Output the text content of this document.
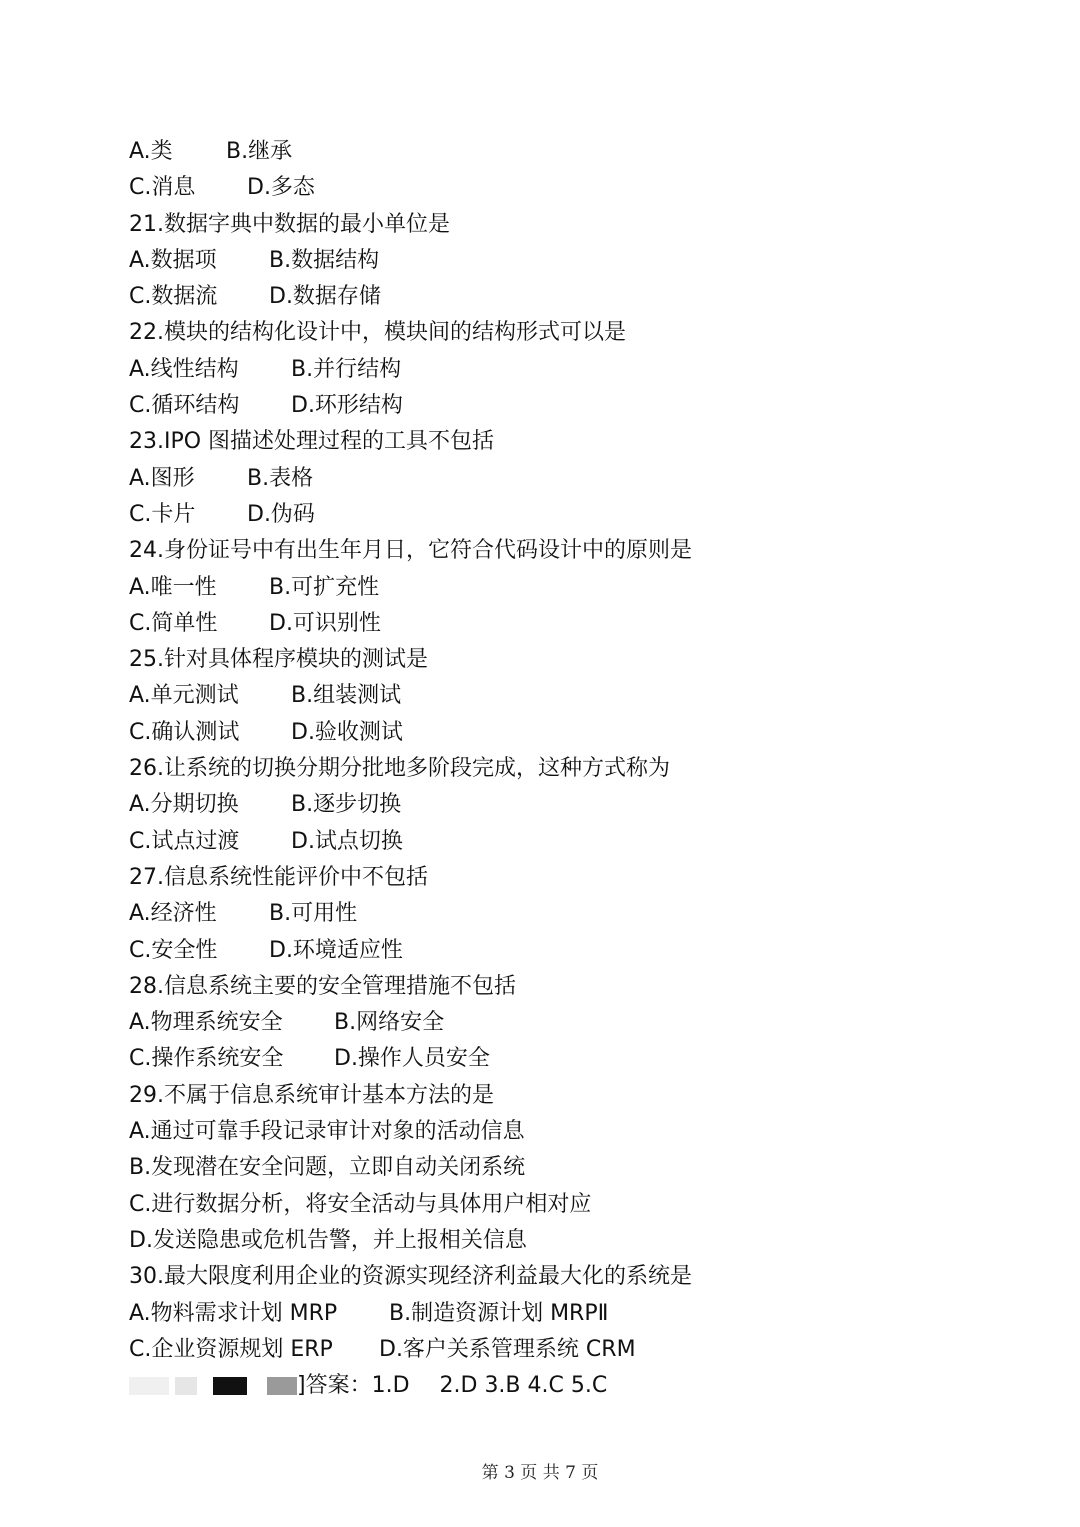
A.类	B.继承
C.消息	D.多态
21.数据字典中数据的最小单位是
A.数据项	B.数据结构
C.数据流	D.数据存储
22.模块的结构化设计中，模块间的结构形式可以是
A.线性结构	B.并行结构
C.循环结构	D.环形结构
23.IPO 图描述处理过程的工具不包括
A.图形	B.表格
C.卡片	D.伪码
24.身份证号中有出生年月日，它符合代码设计中的原则是
A.唯一性	B.可扩充性
C.简单性	D.可识别性
25.针对具体程序模块的测试是
A.单元测试	B.组装测试
C.确认测试	D.验收测试
26.让系统的切换分期分批地多阶段完成，这种方式称为
A.分期切换	B.逐步切换
C.试点过渡	D.试点切换
27.信息系统性能评价中不包括
A.经济性	B.可用性
C.安全性	D.环境适应性
28.信息系统主要的安全管理措施不包括
A.物理系统安全	B.网络安全
C.操作系统安全	D.操作人员安全
29.不属于信息系统审计基本方法的是
A.通过可靠手段记录审计对象的活动信息
B.发现潜在安全问题，立即自动关闭系统
C.进行数据分析，将安全活动与具体用户相对应
D.发送隐患或危机告警，并上报相关信息
30.最大限度利用企业的资源实现经济利益最大化的系统是
A.物料需求计划 MRP	B.制造资源计划 MRPⅡ
C.企业资源规划 ERP	D.客户关系管理系统 CRM
]答案：1.D 2.D 3.B 4.C 5.C
第 3 页 共 7 页
